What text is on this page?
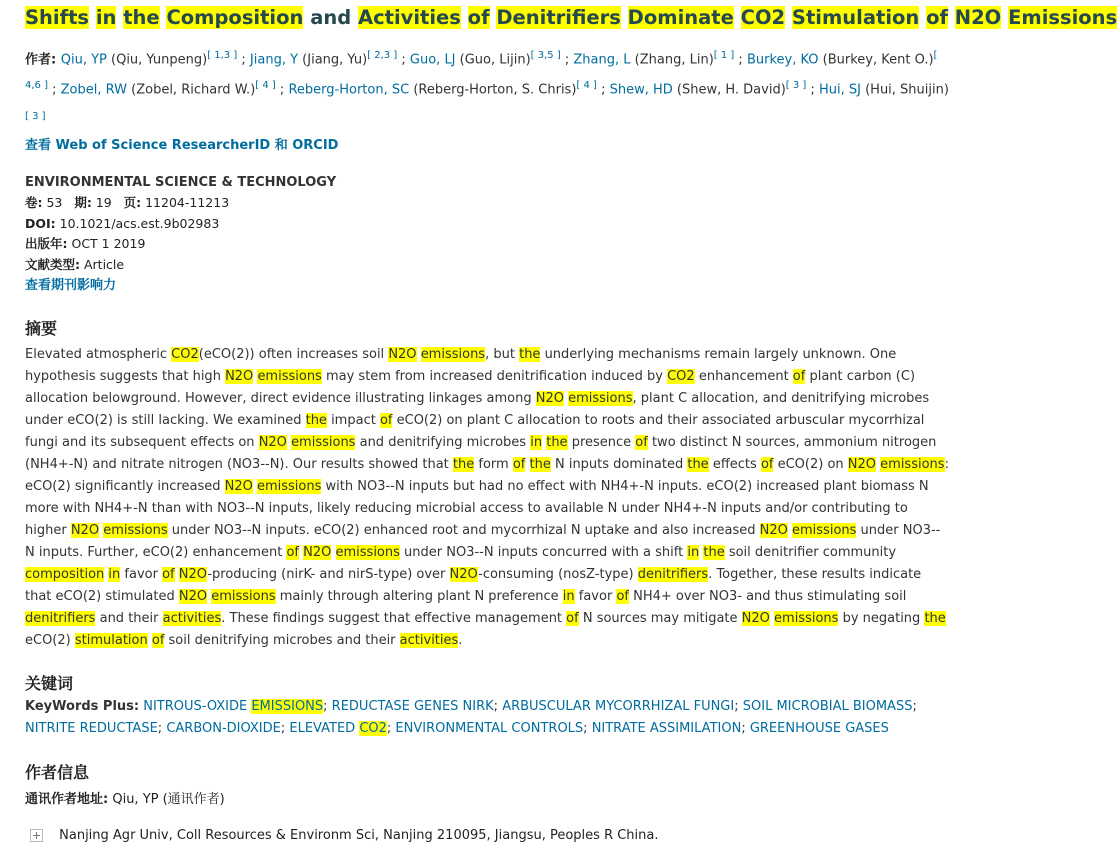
Shifts in the Composition and Activities of Denitrifiers Dominate CO2 Stimulation of N2O Emissions
作者: Qiu, YP (Qiu, Yunpeng)[ 1,3 ] ; Jiang, Y (Jiang, Yu)[ 2,3 ] ; Guo, LJ (Guo, Lijin)[ 3,5 ] ; Zhang, L (Zhang, Lin)[ 1 ] ; Burkey, KO (Burkey, Kent O.)[ 4,6 ] ; Zobel, RW (Zobel, Richard W.)[ 4 ] ; Reberg-Horton, SC (Reberg-Horton, S. Chris)[ 4 ] ; Shew, HD (Shew, H. David)[ 3 ] ; Hui, SJ (Hui, Shuijin)[ 3 ]
查看 Web of Science ResearcherID 和 ORCID
ENVIRONMENTAL SCIENCE & TECHNOLOGY
卷: 53 期: 19 页: 11204-11213
DOI: 10.1021/acs.est.9b02983
出版年: OCT 1 2019
文献类型: Article
查看期刊影响力
摘要
Elevated atmospheric CO2(eCO(2)) often increases soil N2O emissions, but the underlying mechanisms remain largely unknown. One hypothesis suggests that high N2O emissions may stem from increased denitrification induced by CO2 enhancement of plant carbon (C) allocation belowground. However, direct evidence illustrating linkages among N2O emissions, plant C allocation, and denitrifying microbes under eCO(2) is still lacking. We examined the impact of eCO(2) on plant C allocation to roots and their associated arbuscular mycorrhizal fungi and its subsequent effects on N2O emissions and denitrifying microbes in the presence of two distinct N sources, ammonium nitrogen (NH4+-N) and nitrate nitrogen (NO3--N). Our results showed that the form of the N inputs dominated the effects of eCO(2) on N2O emissions: eCO(2) significantly increased N2O emissions with NO3--N inputs but had no effect with NH4+-N inputs. eCO(2) increased plant biomass N more with NH4+-N than with NO3--N inputs, likely reducing microbial access to available N under NH4+-N inputs and/or contributing to higher N2O emissions under NO3--N inputs. eCO(2) enhanced root and mycorrhizal N uptake and also increased N2O emissions under NO3--N inputs. Further, eCO(2) enhancement of N2O emissions under NO3--N inputs concurred with a shift in the soil denitrifier community composition in favor of N2O-producing (nirK- and nirS-type) over N2O-consuming (nosZ-type) denitrifiers. Together, these results indicate that eCO(2) stimulated N2O emissions mainly through altering plant N preference in favor of NH4+ over NO3- and thus stimulating soil denitrifiers and their activities. These findings suggest that effective management of N sources may mitigate N2O emissions by negating the eCO(2) stimulation of soil denitrifying microbes and their activities.
关键词
KeyWords Plus: NITROUS-OXIDE EMISSIONS; REDUCTASE GENES NIRK; ARBUSCULAR MYCORRHIZAL FUNGI; SOIL MICROBIAL BIOMASS; NITRITE REDUCTASE; CARBON-DIOXIDE; ELEVATED CO2; ENVIRONMENTAL CONTROLS; NITRATE ASSIMILATION; GREENHOUSE GASES
作者信息
通讯作者地址: Qiu, YP (通讯作者)
Nanjing Agr Univ, Coll Resources & Environm Sci, Nanjing 210095, Jiangsu, Peoples R China.
